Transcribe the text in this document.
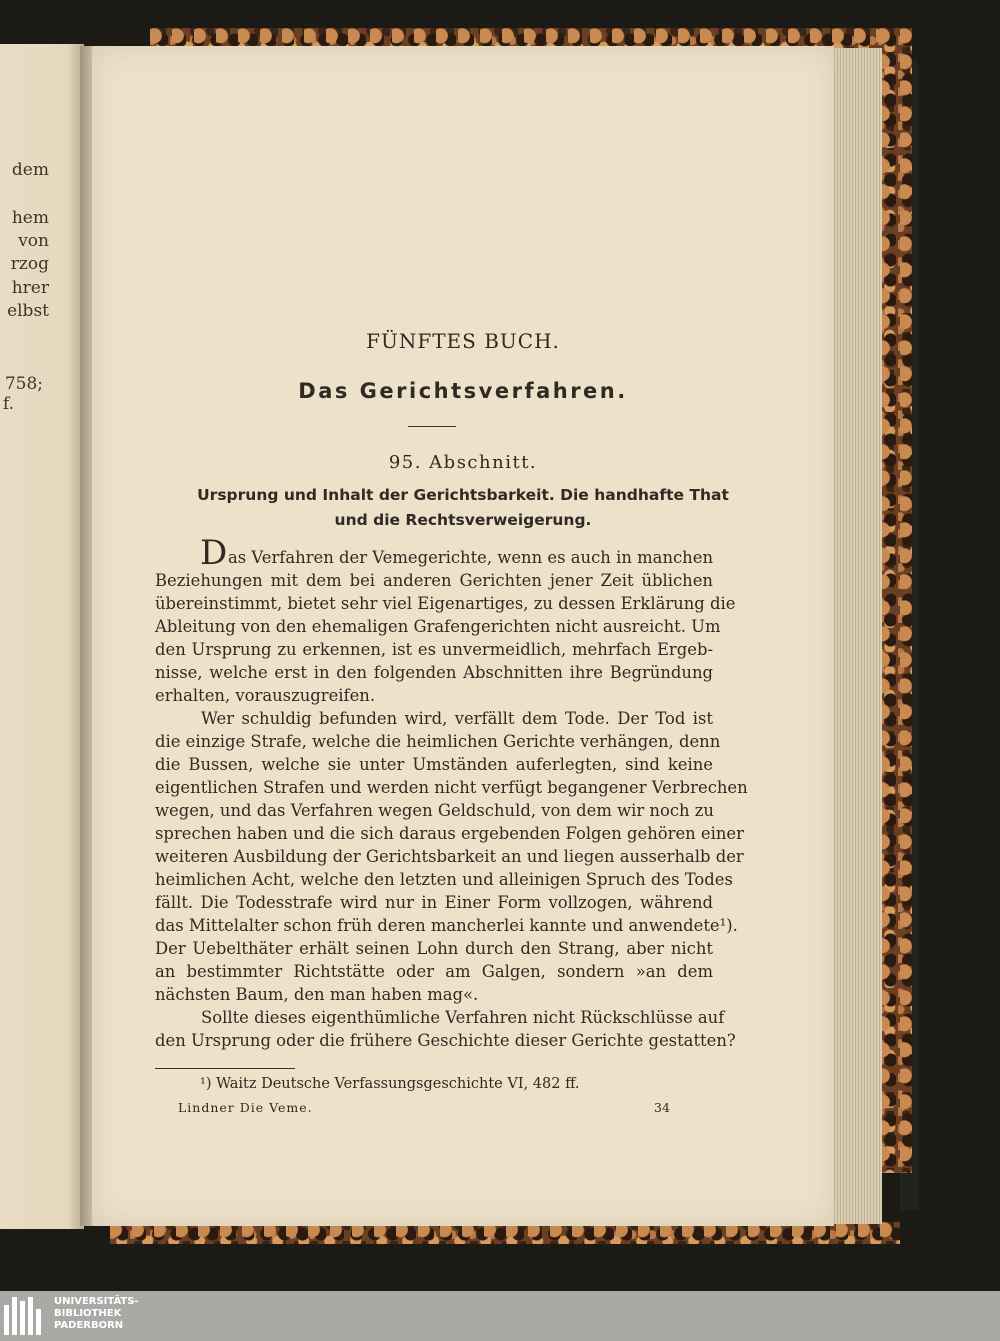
dem
hem
von
rzog
hrer
elbst
758;
f.
FÜNFTES BUCH.
Das Gerichtsverfahren.
95. Abschnitt.
Ursprung und Inhalt der Gerichtsbarkeit. Die handhafte That
und die Rechtsverweigerung.
D as Verfahren der Vemegerichte, wenn es auch in manchen
Beziehungen mit dem bei anderen Gerichten jener Zeit üblichen
übereinstimmt, bietet sehr viel Eigenartiges, zu dessen Erklärung die
Ableitung von den ehemaligen Grafengerichten nicht ausreicht. Um
den Ursprung zu erkennen, ist es unvermeidlich, mehrfach Ergeb-
nisse, welche erst in den folgenden Abschnitten ihre Begründung
erhalten, vorauszugreifen.
Wer schuldig befunden wird, verfällt dem Tode. Der Tod ist
die einzige Strafe, welche die heimlichen Gerichte verhängen, denn
die Bussen, welche sie unter Umständen auferlegten, sind keine
eigentlichen Strafen und werden nicht verfügt begangener Verbrechen
wegen, und das Verfahren wegen Geldschuld, von dem wir noch zu
sprechen haben und die sich daraus ergebenden Folgen gehören einer
weiteren Ausbildung der Gerichtsbarkeit an und liegen ausserhalb der
heimlichen Acht, welche den letzten und alleinigen Spruch des Todes
fällt. Die Todesstrafe wird nur in Einer Form vollzogen, während
das Mittelalter schon früh deren mancherlei kannte und anwendete¹).
Der Uebelthäter erhält seinen Lohn durch den Strang, aber nicht
an bestimmter Richtstätte oder am Galgen, sondern »an dem
nächsten Baum, den man haben mag«.
Sollte dieses eigenthümliche Verfahren nicht Rückschlüsse auf
den Ursprung oder die frühere Geschichte dieser Gerichte gestatten?
¹) Waitz Deutsche Verfassungsgeschichte VI, 482 ff.
Lindner Die Veme.	34
UNIVERSITÄTS-
BIBLIOTHEK
PADERBORN
